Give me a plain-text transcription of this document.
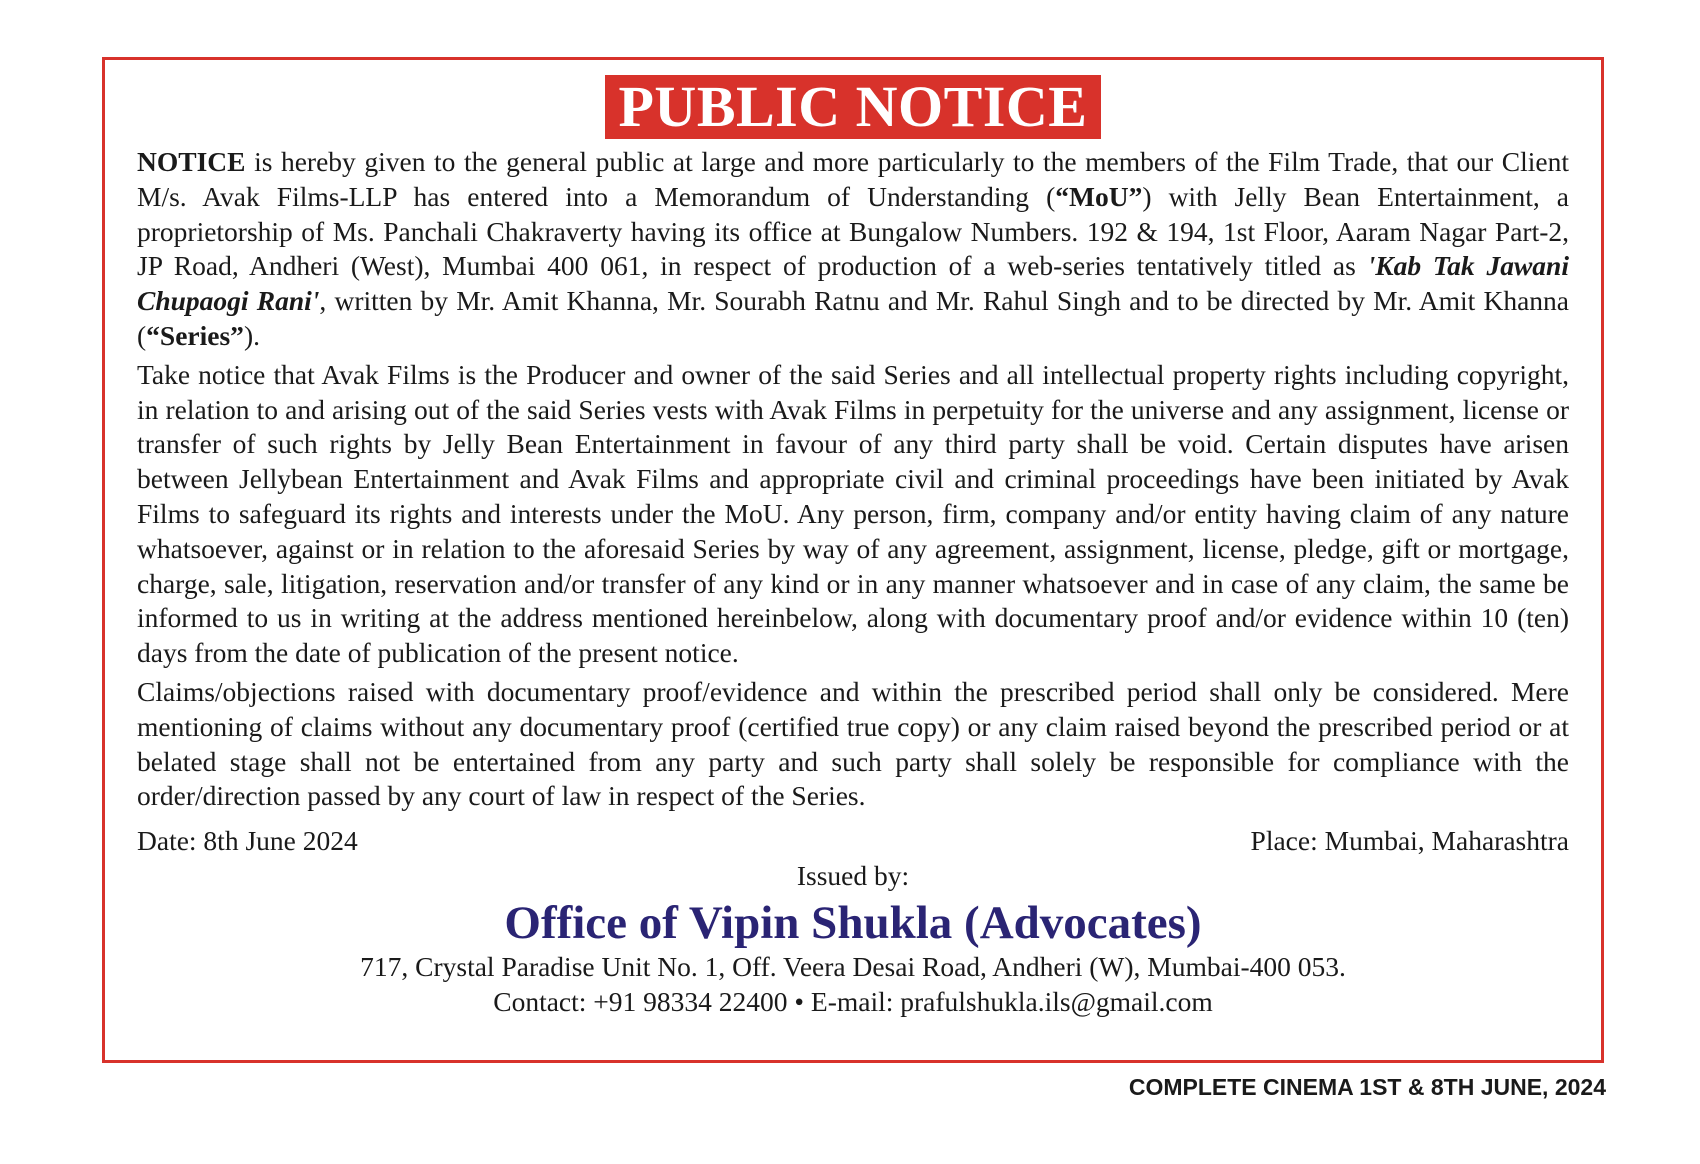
PUBLIC NOTICE

NOTICE is hereby given to the general public at large and more particularly to the members of the Film Trade, that our Client M/s. Avak Films-LLP has entered into a Memorandum of Understanding (“MoU”) with Jelly Bean Entertainment, a proprietorship of Ms. Panchali Chakraverty having its office at Bungalow Numbers. 192 & 194, 1st Floor, Aaram Nagar Part-2, JP Road, Andheri (West), Mumbai 400 061, in respect of production of a web-series tentatively titled as 'Kab Tak Jawani Chupaogi Rani', written by Mr. Amit Khanna, Mr. Sourabh Ratnu and Mr. Rahul Singh and to be directed by Mr. Amit Khanna (“Series”).

Take notice that Avak Films is the Producer and owner of the said Series and all intellectual property rights including copyright, in relation to and arising out of the said Series vests with Avak Films in perpetuity for the universe and any assignment, license or transfer of such rights by Jelly Bean Entertainment in favour of any third party shall be void. Certain disputes have arisen between Jellybean Entertainment and Avak Films and appropriate civil and criminal proceedings have been initiated by Avak Films to safeguard its rights and interests under the MoU. Any person, firm, company and/or entity having claim of any nature whatsoever, against or in relation to the aforesaid Series by way of any agreement, assignment, license, pledge, gift or mortgage, charge, sale, litigation, reservation and/or transfer of any kind or in any manner whatsoever and in case of any claim, the same be informed to us in writing at the address mentioned hereinbelow, along with documentary proof and/or evidence within 10 (ten) days from the date of publication of the present notice.

Claims/objections raised with documentary proof/evidence and within the prescribed period shall only be considered. Mere mentioning of claims without any documentary proof (certified true copy) or any claim raised beyond the prescribed period or at belated stage shall not be entertained from any party and such party shall solely be responsible for compliance with the order/direction passed by any court of law in respect of the Series.

Date: 8th June 2024	Place: Mumbai, Maharashtra
Issued by:
Office of Vipin Shukla (Advocates)
717, Crystal Paradise Unit No. 1, Off. Veera Desai Road, Andheri (W), Mumbai-400 053.
Contact: +91 98334 22400 • E-mail: prafulshukla.ils@gmail.com
COMPLETE CINEMA 1ST & 8TH JUNE, 2024
